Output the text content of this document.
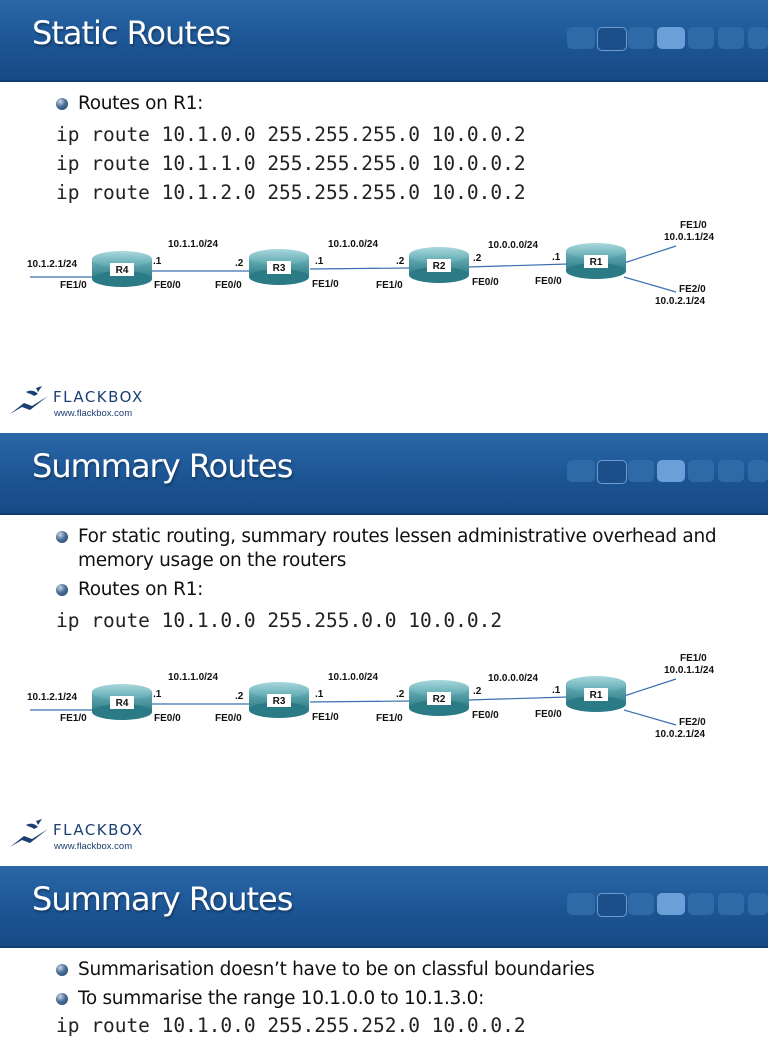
Static Routes
Routes on R1:
ip route 10.1.0.0 255.255.255.0 10.0.0.2
ip route 10.1.1.0 255.255.255.0 10.0.0.2
ip route 10.1.2.0 255.255.255.0 10.0.0.2
R4	R3	R2	R1
10.1.2.1/24
FE1/0
.1
FE0/0
10.1.1.0/24
.2
FE0/0
.1
FE1/0
10.1.0.0/24
.2
FE1/0
.2
FE0/0
10.0.0.0/24
.1
FE0/0
FE1/0
10.0.1.1/24
FE2/0
10.0.2.1/24
FLACKBOX
www.flackbox.com
Summary Routes
For static routing, summary routes lessen administrative overhead and memory usage on the routers
Routes on R1:
ip route 10.1.0.0 255.255.0.0 10.0.0.2
R4	R3	R2	R1
10.1.2.1/24
FE1/0
.1
FE0/0
10.1.1.0/24
.2
FE0/0
.1
FE1/0
10.1.0.0/24
.2
FE1/0
.2
FE0/0
10.0.0.0/24
.1
FE0/0
FE1/0
10.0.1.1/24
FE2/0
10.0.2.1/24
FLACKBOX
www.flackbox.com
Summary Routes
Summarisation doesn’t have to be on classful boundaries
To summarise the range 10.1.0.0 to 10.1.3.0:
ip route 10.1.0.0 255.255.252.0 10.0.0.2
